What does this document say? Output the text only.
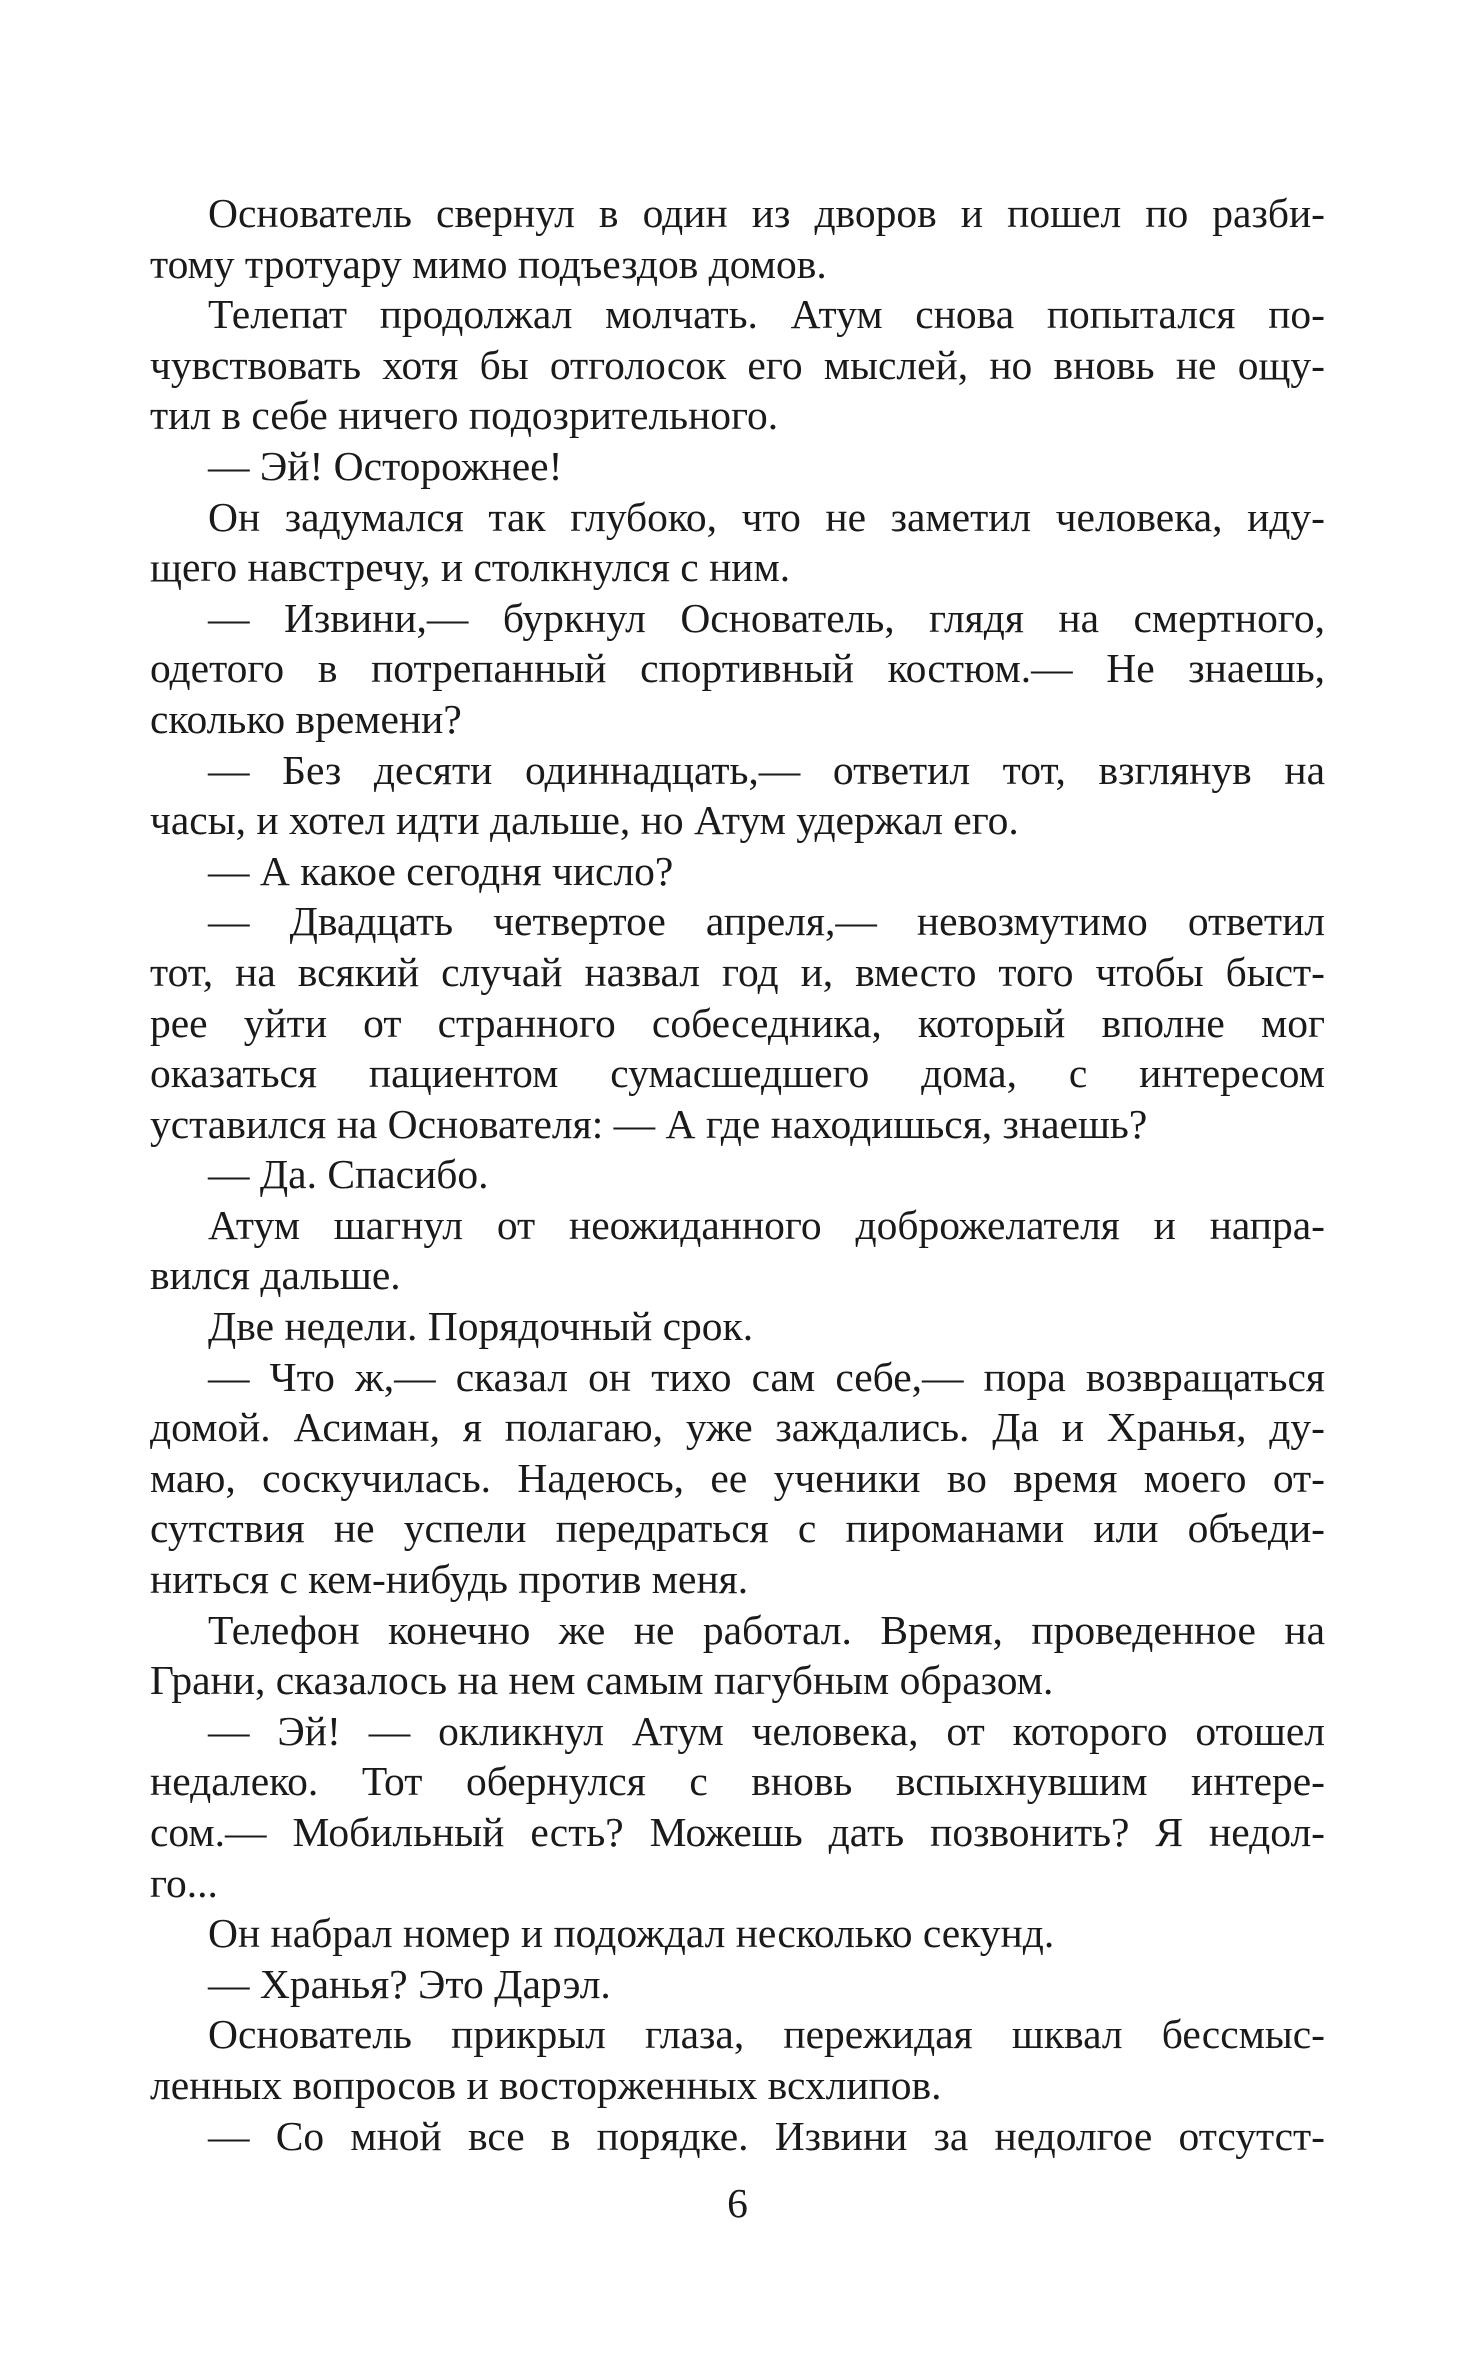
Основатель свернул в один из дворов и пошел по разби-
тому тротуару мимо подъездов домов.
Телепат продолжал молчать. Атум снова попытался по-
чувствовать хотя бы отголосок его мыслей, но вновь не ощу-
тил в себе ничего подозрительного.
— Эй! Осторожнее!
Он задумался так глубоко, что не заметил человека, иду-
щего навстречу, и столкнулся с ним.
— Извини,— буркнул Основатель, глядя на смертного,
одетого в потрепанный спортивный костюм.— Не знаешь,
сколько времени?
— Без десяти одиннадцать,— ответил тот, взглянув на
часы, и хотел идти дальше, но Атум удержал его.
— А какое сегодня число?
— Двадцать четвертое апреля,— невозмутимо ответил
тот, на всякий случай назвал год и, вместо того чтобы быст-
рее уйти от странного собеседника, который вполне мог
оказаться пациентом сумасшедшего дома, с интересом
уставился на Основателя: — А где находишься, знаешь?
— Да. Спасибо.
Атум шагнул от неожиданного доброжелателя и напра-
вился дальше.
Две недели. Порядочный срок.
— Что ж,— сказал он тихо сам себе,— пора возвращаться
домой. Асиман, я полагаю, уже заждались. Да и Хранья, ду-
маю, соскучилась. Надеюсь, ее ученики во время моего от-
сутствия не успели передраться с пироманами или объеди-
ниться с кем-нибудь против меня.
Телефон конечно же не работал. Время, проведенное на
Грани, сказалось на нем самым пагубным образом.
— Эй! — окликнул Атум человека, от которого отошел
недалеко. Тот обернулся с вновь вспыхнувшим интере-
сом.— Мобильный есть? Можешь дать позвонить? Я недол-
го...
Он набрал номер и подождал несколько секунд.
— Хранья? Это Дарэл.
Основатель прикрыл глаза, пережидая шквал бессмыс-
ленных вопросов и восторженных всхлипов.
— Со мной все в порядке. Извини за недолгое отсутст-
6
